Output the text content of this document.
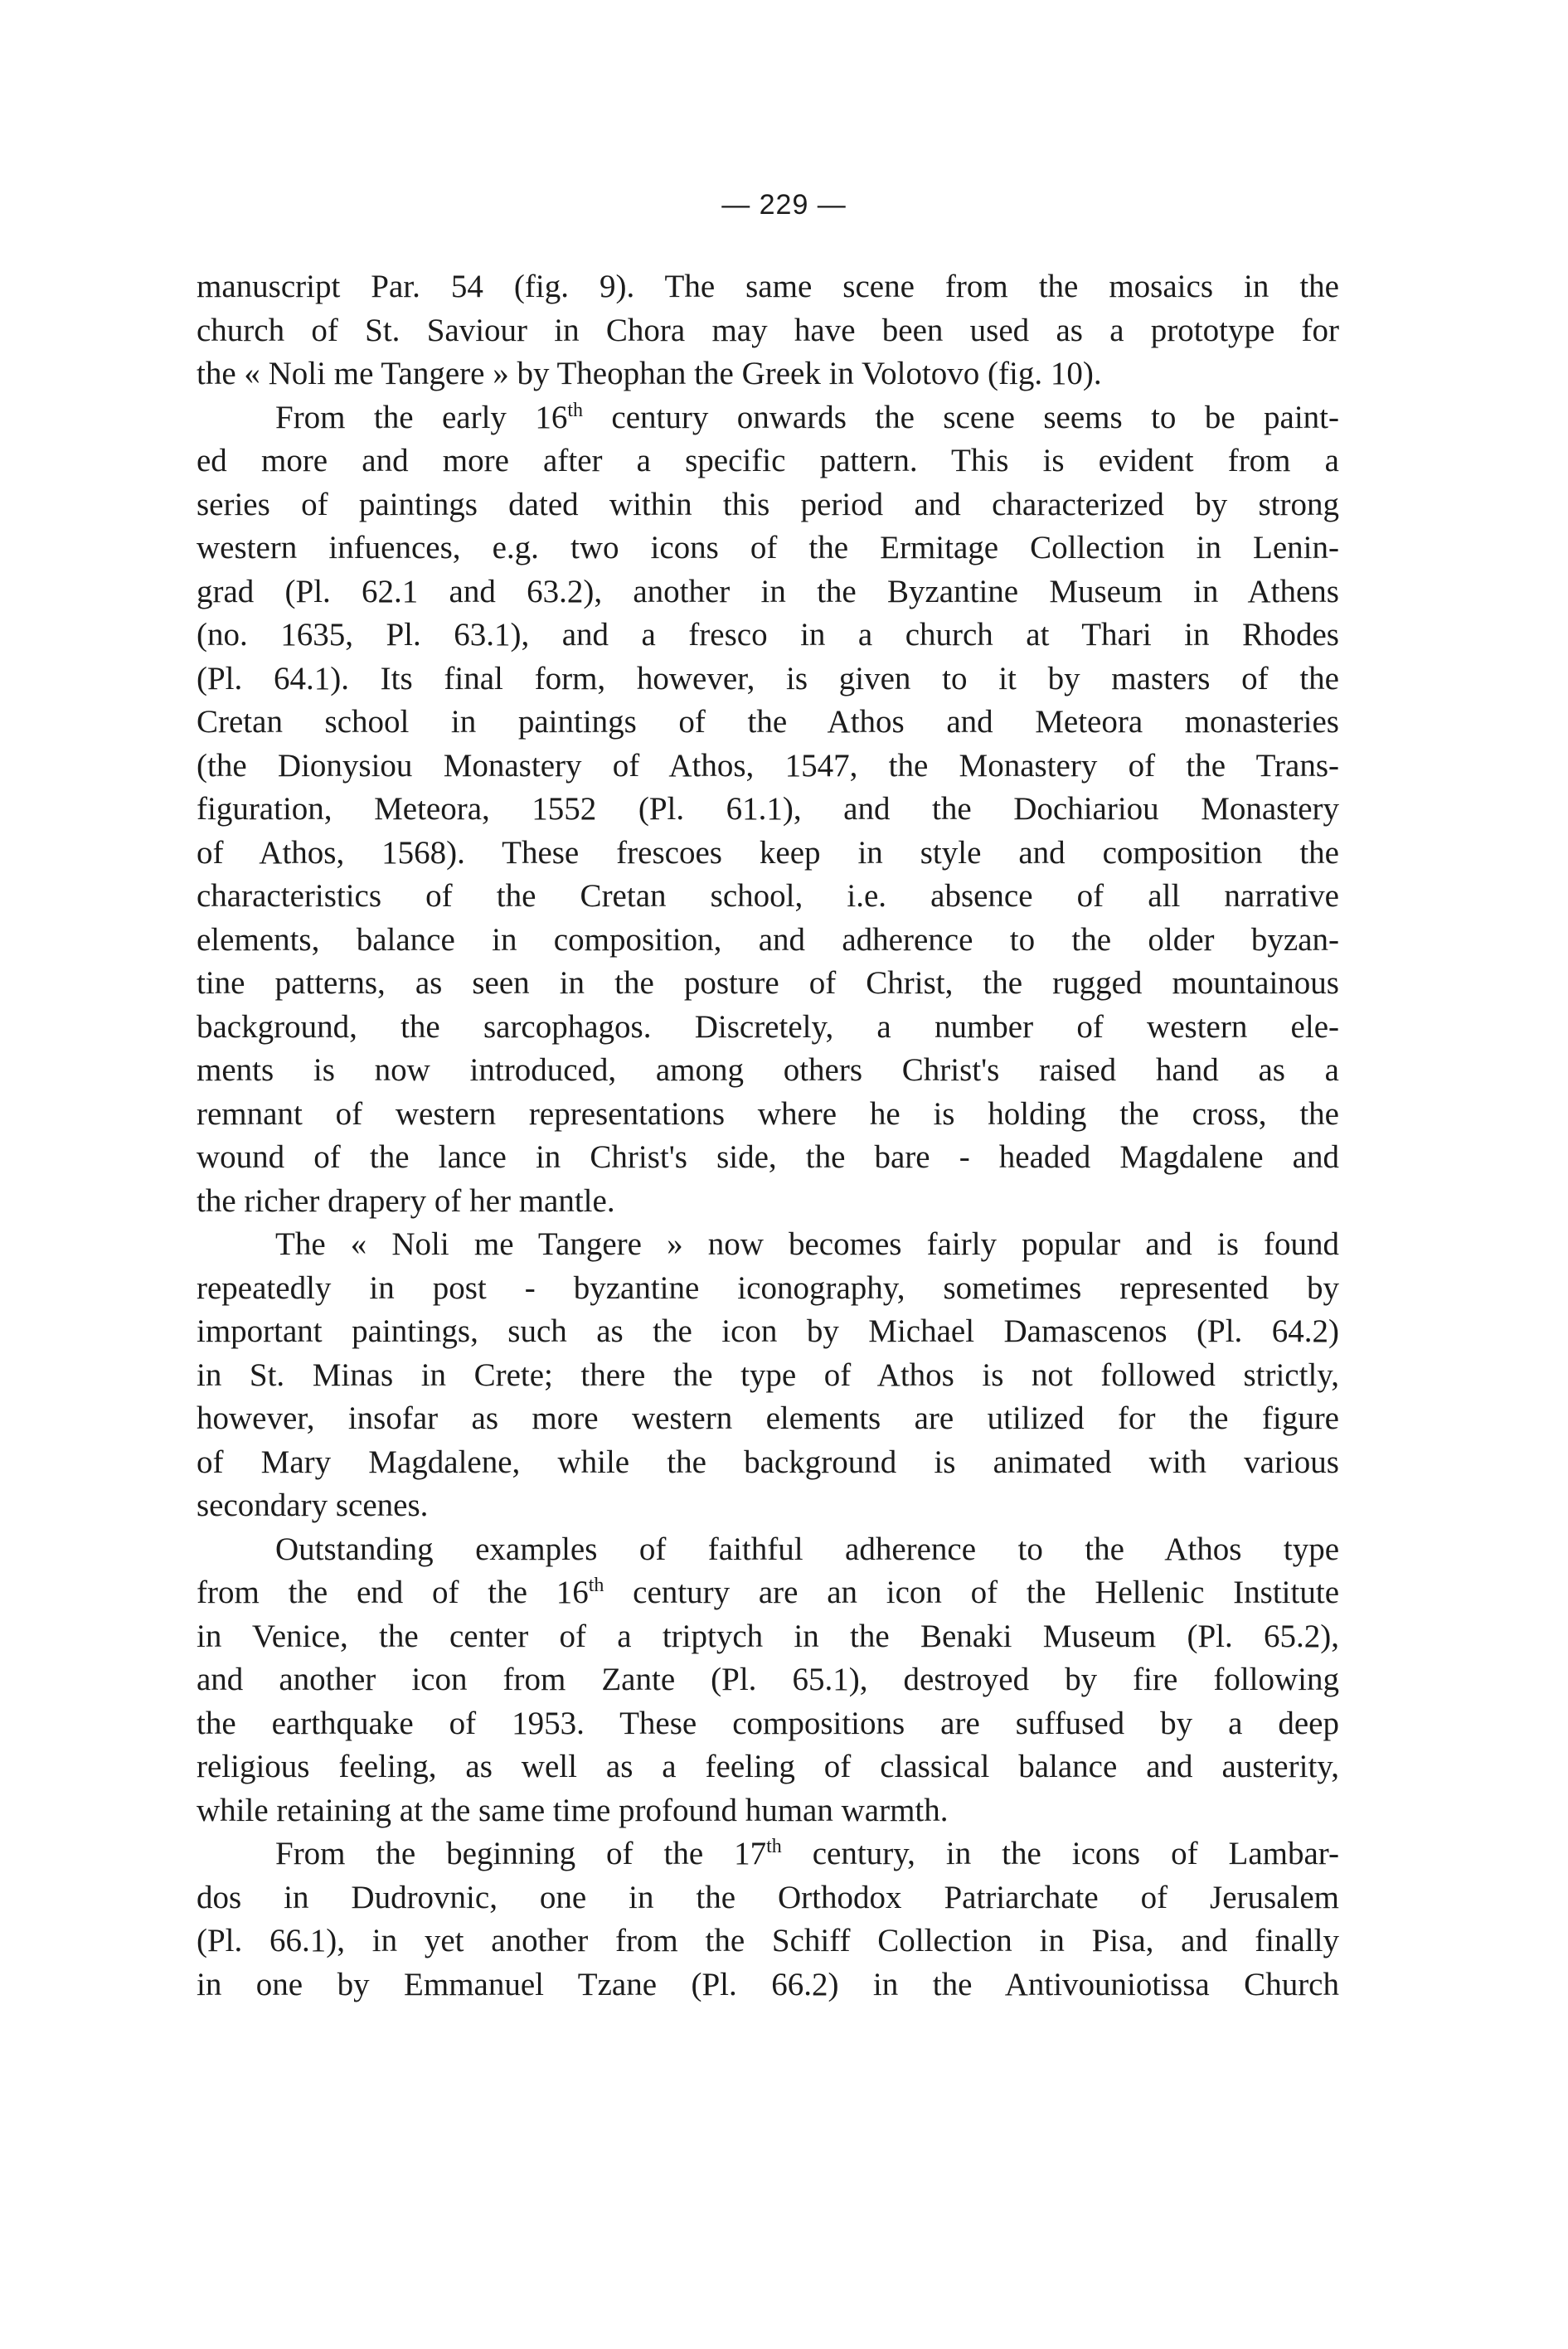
— 229 —
manuscript Par. 54 (fig. 9). The same scene from the mosaics in the
church of St. Saviour in Chora may have been used as a prototype for
the « Noli me Tangere » by Theophan the Greek in Volotovo (fig. 10).
From the early 16th century onwards the scene seems to be paint-
ed more and more after a specific pattern. This is evident from a
series of paintings dated within this period and characterized by strong
western infuences, e.g. two icons of the Ermitage Collection in Lenin-
grad (Pl. 62.1 and 63.2), another in the Byzantine Museum in Athens
(no. 1635, Pl. 63.1), and a fresco in a church at Thari in Rhodes
(Pl. 64.1). Its final form, however, is given to it by masters of the
Cretan school in paintings of the Athos and Meteora monasteries
(the Dionysiou Monastery of Athos, 1547, the Monastery of the Trans-
figuration, Meteora, 1552 (Pl. 61.1), and the Dochiariou Monastery
of Athos, 1568). These frescoes keep in style and composition the
characteristics of the Cretan school, i.e. absence of all narrative
elements, balance in composition, and adherence to the older byzan-
tine patterns, as seen in the posture of Christ, the rugged mountainous
background, the sarcophagos. Discretely, a number of western ele-
ments is now introduced, among others Christ's raised hand as a
remnant of western representations where he is holding the cross, the
wound of the lance in Christ's side, the bare - headed Magdalene and
the richer drapery of her mantle.
The « Noli me Tangere » now becomes fairly popular and is found
repeatedly in post - byzantine iconography, sometimes represented by
important paintings, such as the icon by Michael Damascenos (Pl. 64.2)
in St. Minas in Crete; there the type of Athos is not followed strictly,
however, insofar as more western elements are utilized for the figure
of Mary Magdalene, while the background is animated with various
secondary scenes.
Outstanding examples of faithful adherence to the Athos type
from the end of the 16th century are an icon of the Hellenic Institute
in Venice, the center of a triptych in the Benaki Museum (Pl. 65.2),
and another icon from Zante (Pl. 65.1), destroyed by fire following
the earthquake of 1953. These compositions are suffused by a deep
religious feeling, as well as a feeling of classical balance and austerity,
while retaining at the same time profound human warmth.
From the beginning of the 17th century, in the icons of Lambar-
dos in Dudrovnic, one in the Orthodox Patriarchate of Jerusalem
(Pl. 66.1), in yet another from the Schiff Collection in Pisa, and finally
in one by Emmanuel Tzane (Pl. 66.2) in the Antivouniotissa Church
